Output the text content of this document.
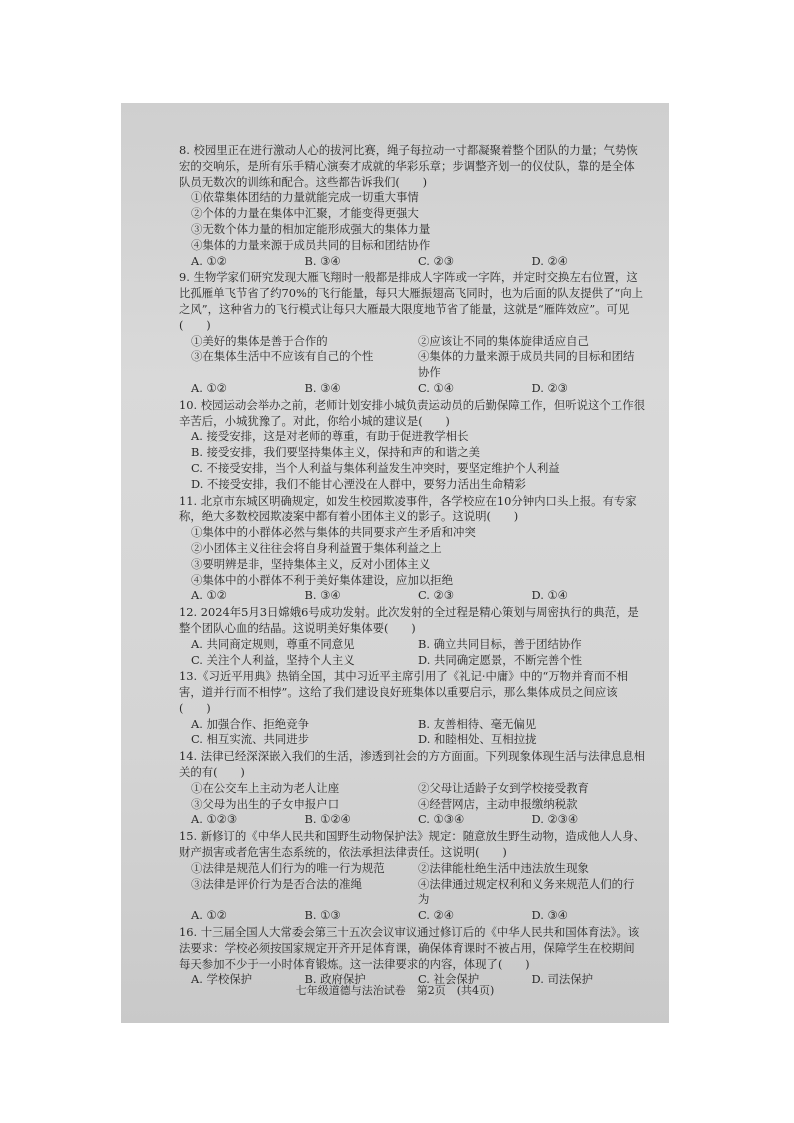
8. 校园里正在进行激动人心的拔河比赛，绳子每拉动一寸都凝聚着整个团队的力量；气势恢宏的交响乐，是所有乐手精心演奏才成就的华彩乐章；步调整齐划一的仪仗队，靠的是全体队员无数次的训练和配合。这些都告诉我们(　　)
①依靠集体团结的力量就能完成一切重大事情
②个体的力量在集体中汇聚，才能变得更强大
③无数个体力量的相加定能形成强大的集体力量
④集体的力量来源于成员共同的目标和团结协作
A. ①②	B. ③④	C. ②③	D. ②④
9. 生物学家们研究发现大雁飞翔时一般都是排成人字阵或一字阵，并定时交换左右位置，这比孤雁单飞节省了约70%的飞行能量，每只大雁振翅高飞同时，也为后面的队友提供了“向上之风”，这种省力的飞行模式让每只大雁最大限度地节省了能量，这就是“雁阵效应”。可见(　　)
①美好的集体是善于合作的	②应该让不同的集体旋律适应自己
③在集体生活中不应该有自己的个性	④集体的力量来源于成员共同的目标和团结协作
A. ①②	B. ③④	C. ①④	D. ②③
10. 校园运动会举办之前，老师计划安排小城负责运动员的后勤保障工作，但听说这个工作很辛苦后，小城犹豫了。对此，你给小城的建议是(　　)
A. 接受安排，这是对老师的尊重，有助于促进教学相长
B. 接受安排，我们要坚持集体主义，保持和声的和谐之美
C. 不接受安排，当个人利益与集体利益发生冲突时，要坚定维护个人利益
D. 不接受安排，我们不能甘心湮没在人群中，要努力活出生命精彩
11. 北京市东城区明确规定，如发生校园欺凌事件，各学校应在10分钟内口头上报。有专家称，绝大多数校园欺凌案中都有着小团体主义的影子。这说明(　　)
①集体中的小群体必然与集体的共同要求产生矛盾和冲突
②小团体主义往往会将自身利益置于集体利益之上
③要明辨是非，坚持集体主义，反对小团体主义
④集体中的小群体不利于美好集体建设，应加以拒绝
A. ①②	B. ③④	C. ②③	D. ①④
12. 2024年5月3日嫦娥6号成功发射。此次发射的全过程是精心策划与周密执行的典范，是整个团队心血的结晶。这说明美好集体要(　　)
A. 共同商定规则，尊重不同意见	B. 确立共同目标，善于团结协作
C. 关注个人利益，坚持个人主义	D. 共同确定愿景，不断完善个性
13.《习近平用典》热销全国，其中习近平主席引用了《礼记·中庸》中的“万物并育而不相害，道并行而不相悖”。这给了我们建设良好班集体以重要启示，那么集体成员之间应该(　　)
A. 加强合作、拒绝竞争	B. 友善相待、毫无偏见
C. 相互实流、共同进步	D. 和睦相处、互相拉拢
14. 法律已经深深嵌入我们的生活，渗透到社会的方方面面。下列现象体现生活与法律息息相关的有(　　)
①在公交车上主动为老人让座	②父母让适龄子女到学校接受教育
③父母为出生的子女申报户口	④经营网店，主动申报缴纳税款
A. ①②③	B. ①②④	C. ①③④	D. ②③④
15. 新修订的《中华人民共和国野生动物保护法》规定：随意放生野生动物，造成他人人身、财产损害或者危害生态系统的，依法承担法律责任。这说明(　　)
①法律是规范人们行为的唯一行为规范	②法律能杜绝生活中违法放生现象
③法律是评价行为是否合法的准绳	④法律通过规定权利和义务来规范人们的行为
A. ①②	B. ①③	C. ②④	D. ③④
16. 十三届全国人大常委会第三十五次会议审议通过修订后的《中华人民共和国体育法》。该法要求：学校必须按国家规定开齐开足体育课，确保体育课时不被占用，保障学生在校期间每天参加不少于一小时体育锻炼。这一法律要求的内容，体现了(　　)
A. 学校保护	B. 政府保护	C. 社会保护	D. 司法保护
七年级道德与法治试卷　第2页　(共4页)
